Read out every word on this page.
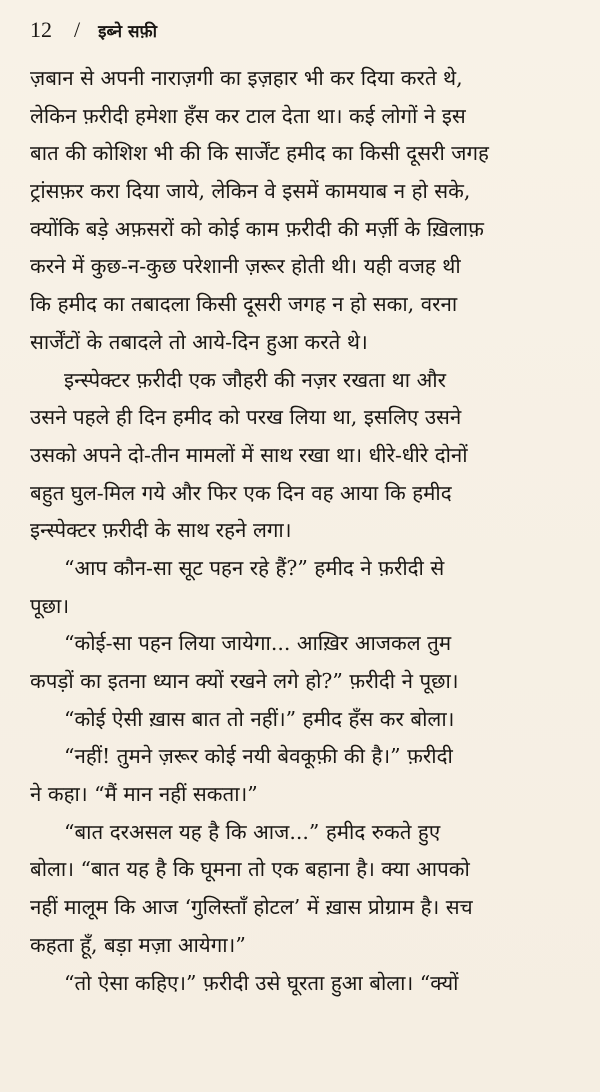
12 / इब्ने सफ़ी
ज़बान से अपनी नाराज़गी का इज़हार भी कर दिया करते थे,
लेकिन फ़रीदी हमेशा हँस कर टाल देता था। कई लोगों ने इस
बात की कोशिश भी की कि सार्जेंट हमीद का किसी दूसरी जगह
ट्रांसफ़र करा दिया जाये, लेकिन वे इसमें कामयाब न हो सके,
क्योंकि बड़े अफ़सरों को कोई काम फ़रीदी की मर्ज़ी के ख़िलाफ़
करने में कुछ-न-कुछ परेशानी ज़रूर होती थी। यही वजह थी
कि हमीद का तबादला किसी दूसरी जगह न हो सका, वरना
सार्जेंटों के तबादले तो आये-दिन हुआ करते थे।
इन्स्पेक्टर फ़रीदी एक जौहरी की नज़र रखता था और
उसने पहले ही दिन हमीद को परख लिया था, इसलिए उसने
उसको अपने दो-तीन मामलों में साथ रखा था। धीरे-धीरे दोनों
बहुत घुल-मिल गये और फिर एक दिन वह आया कि हमीद
इन्स्पेक्टर फ़रीदी के साथ रहने लगा।
“आप कौन-सा सूट पहन रहे हैं?” हमीद ने फ़रीदी से
पूछा।
“कोई-सा पहन लिया जायेगा... आख़िर आजकल तुम
कपड़ों का इतना ध्यान क्यों रखने लगे हो?” फ़रीदी ने पूछा।
“कोई ऐसी ख़ास बात तो नहीं।” हमीद हँस कर बोला।
“नहीं! तुमने ज़रूर कोई नयी बेवकूफ़ी की है।” फ़रीदी
ने कहा। “मैं मान नहीं सकता।”
“बात दरअसल यह है कि आज...” हमीद रुकते हुए
बोला। “बात यह है कि घूमना तो एक बहाना है। क्या आपको
नहीं मालूम कि आज ‘गुलिस्ताँ होटल’ में ख़ास प्रोग्राम है। सच
कहता हूँ, बड़ा मज़ा आयेगा।”
“तो ऐसा कहिए।” फ़रीदी उसे घूरता हुआ बोला। “क्यों
